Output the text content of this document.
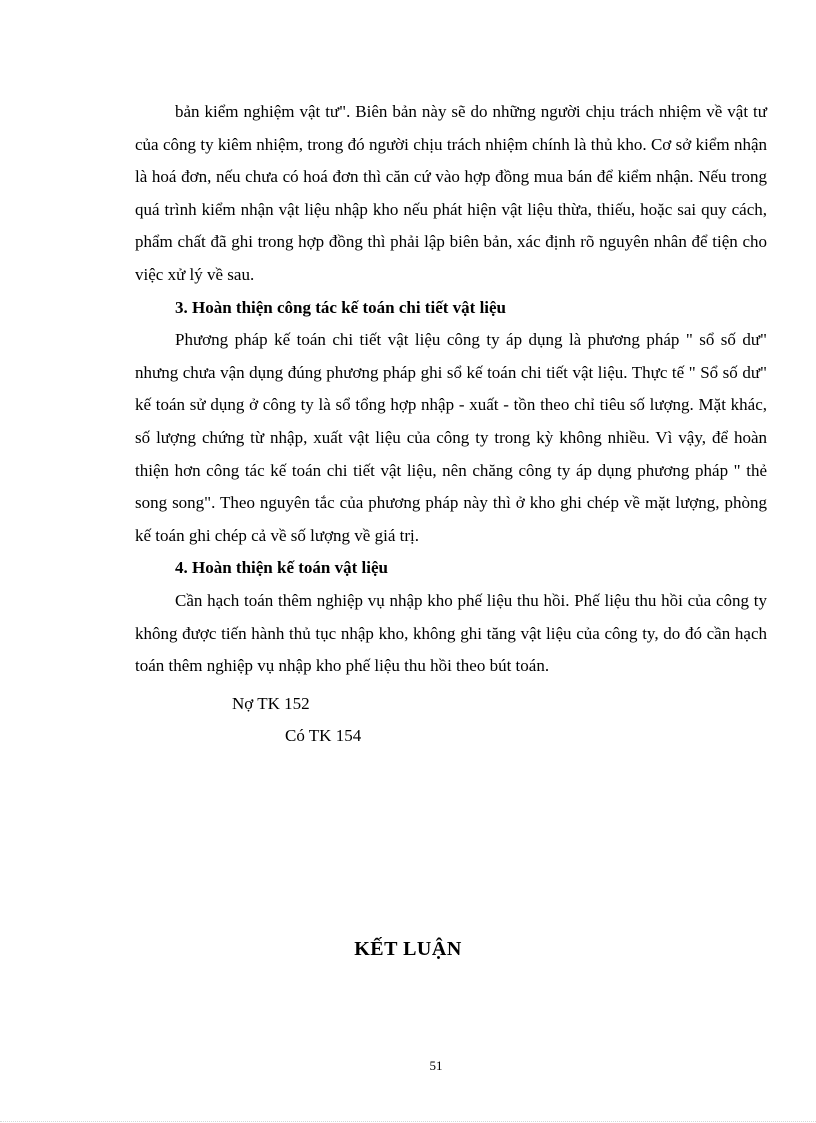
bản kiểm nghiệm vật tư". Biên bản này sẽ do những người chịu trách nhiệm về vật tư của công ty kiêm nhiệm, trong đó người chịu trách nhiệm chính là thủ kho. Cơ sở kiểm nhận là hoá đơn, nếu chưa có hoá đơn thì căn cứ vào hợp đồng mua bán để kiểm nhận. Nếu trong quá trình kiểm nhận vật liệu nhập kho nếu phát hiện vật liệu thừa, thiếu, hoặc sai quy cách, phẩm chất đã ghi trong hợp đồng thì phải lập biên bản, xác định rõ nguyên nhân để tiện cho việc xử lý về sau.

3. Hoàn thiện công tác kế toán chi tiết vật liệu

Phương pháp kế toán chi tiết vật liệu công ty áp dụng là phương pháp " sổ số dư" nhưng chưa vận dụng đúng phương pháp ghi sổ kế toán chi tiết vật liệu. Thực tế " Sổ số dư" kế toán sử dụng ở công ty là sổ tổng hợp nhập - xuất - tồn theo chỉ tiêu số lượng. Mặt khác, số lượng chứng từ nhập, xuất vật liệu của công ty trong kỳ không nhiều. Vì vậy, để hoàn thiện hơn công tác kế toán chi tiết vật liệu, nên chăng công ty áp dụng phương pháp " thẻ song song". Theo nguyên tắc của phương pháp này thì ở kho ghi chép về mặt lượng, phòng kế toán ghi chép cả về số lượng về giá trị.

4. Hoàn thiện kế toán vật liệu

Cần hạch toán thêm nghiệp vụ nhập kho phế liệu thu hồi. Phế liệu thu hồi của công ty không được tiến hành thủ tục nhập kho, không ghi tăng vật liệu của công ty, do đó cần hạch toán thêm nghiệp vụ nhập kho phế liệu thu hồi theo bút toán.

Nợ TK 152

Có TK 154

KẾT LUẬN
51
